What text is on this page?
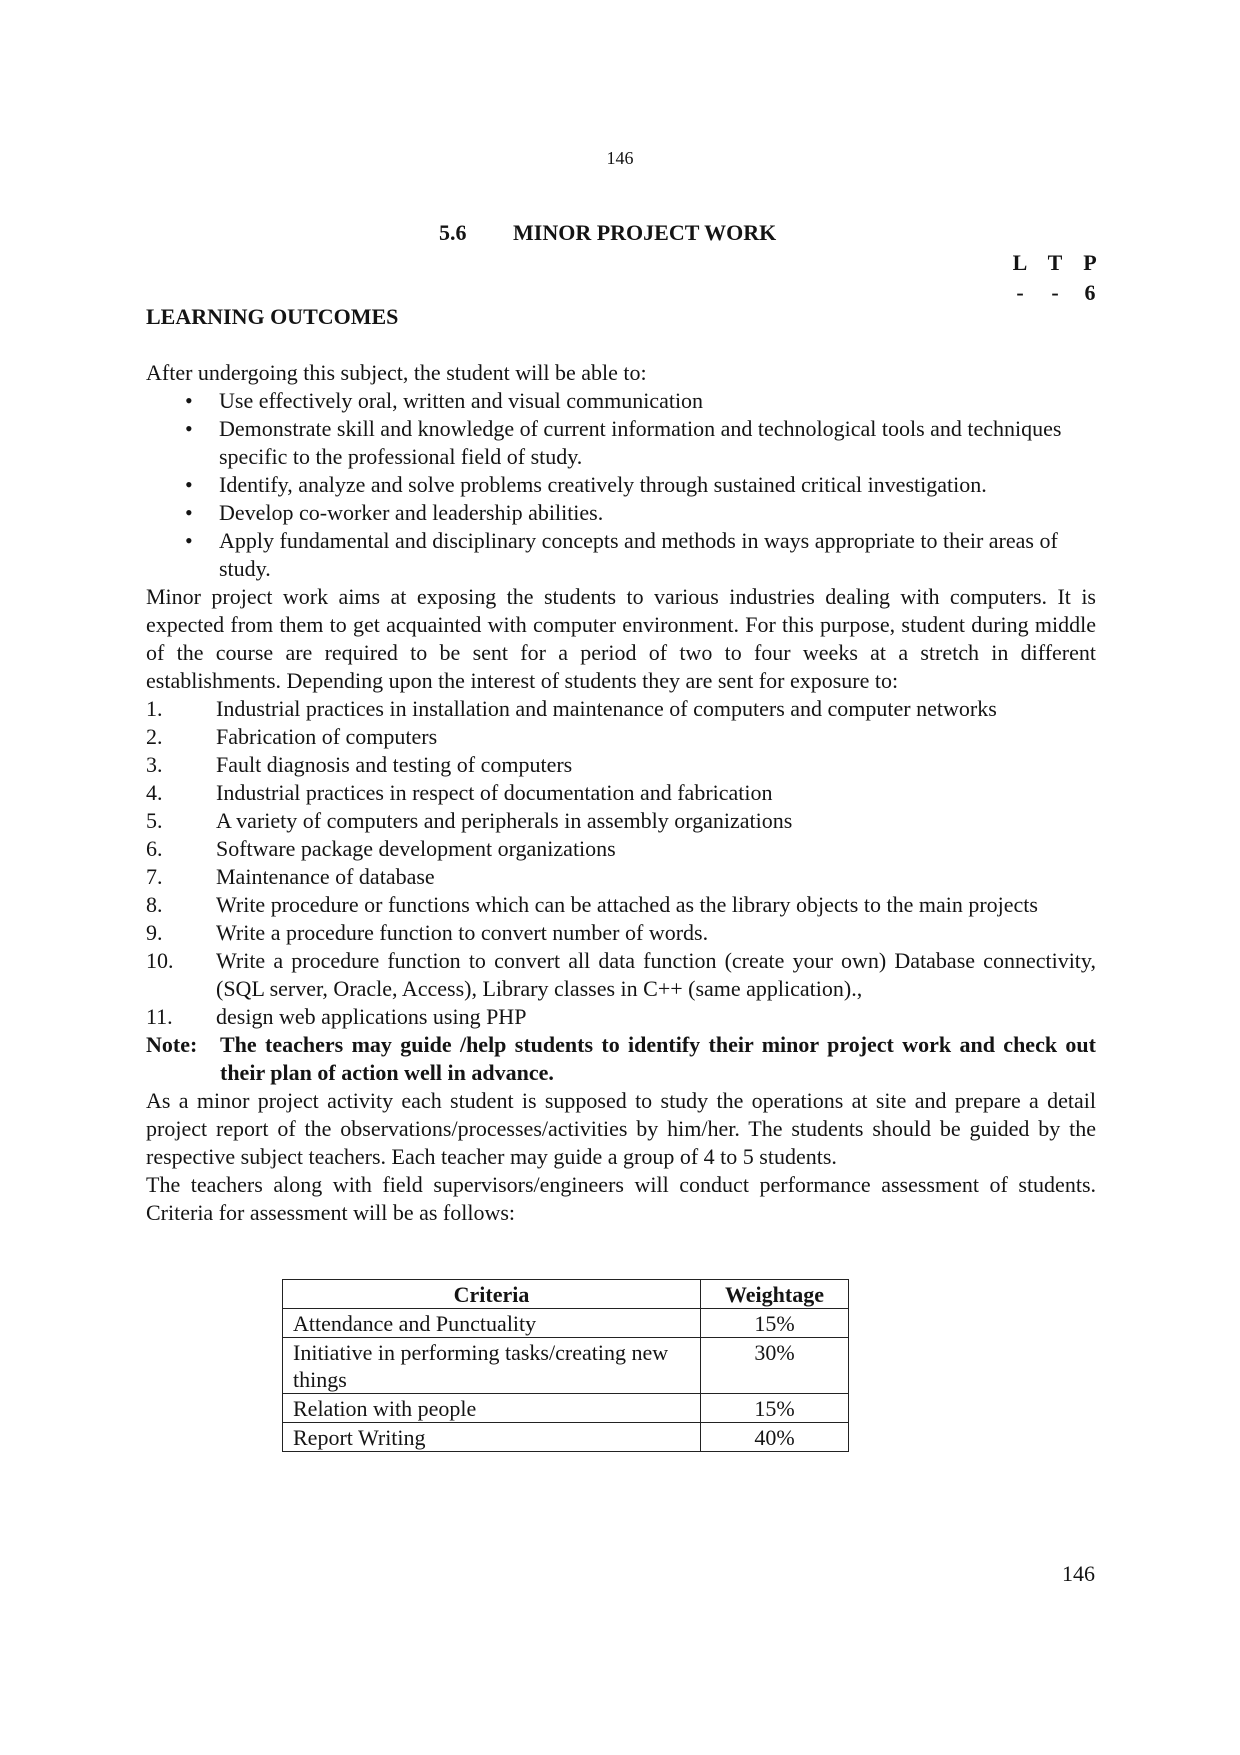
146
5.6 MINOR PROJECT WORK
L T P
- - 6
LEARNING OUTCOMES

After undergoing this subject, the student will be able to:

• Use effectively oral, written and visual communication
• Demonstrate skill and knowledge of current information and technological tools and techniques specific to the professional field of study.
• Identify, analyze and solve problems creatively through sustained critical investigation.
• Develop co-worker and leadership abilities.
• Apply fundamental and disciplinary concepts and methods in ways appropriate to their areas of study.

Minor project work aims at exposing the students to various industries dealing with computers. It is expected from them to get acquainted with computer environment. For this purpose, student during middle of the course are required to be sent for a period of two to four weeks at a stretch in different establishments. Depending upon the interest of students they are sent for exposure to:

1. Industrial practices in installation and maintenance of computers and computer networks
2. Fabrication of computers
3. Fault diagnosis and testing of computers
4. Industrial practices in respect of documentation and fabrication
5. A variety of computers and peripherals in assembly organizations
6. Software package development organizations
7. Maintenance of database
8. Write procedure or functions which can be attached as the library objects to the main projects
9. Write a procedure function to convert number of words.
10. Write a procedure function to convert all data function (create your own) Database connectivity, (SQL server, Oracle, Access), Library classes in C++ (same application).,
11. design web applications using PHP

Note: The teachers may guide /help students to identify their minor project work and check out their plan of action well in advance.

As a minor project activity each student is supposed to study the operations at site and prepare a detail project report of the observations/processes/activities by him/her. The students should be guided by the respective subject teachers. Each teacher may guide a group of 4 to 5 students.

The teachers along with field supervisors/engineers will conduct performance assessment of students. Criteria for assessment will be as follows:

Criteria	Weightage
Attendance and Punctuality	15%
Initiative in performing tasks/creating new things	30%
Relation with people	15%
Report Writing	40%
146
